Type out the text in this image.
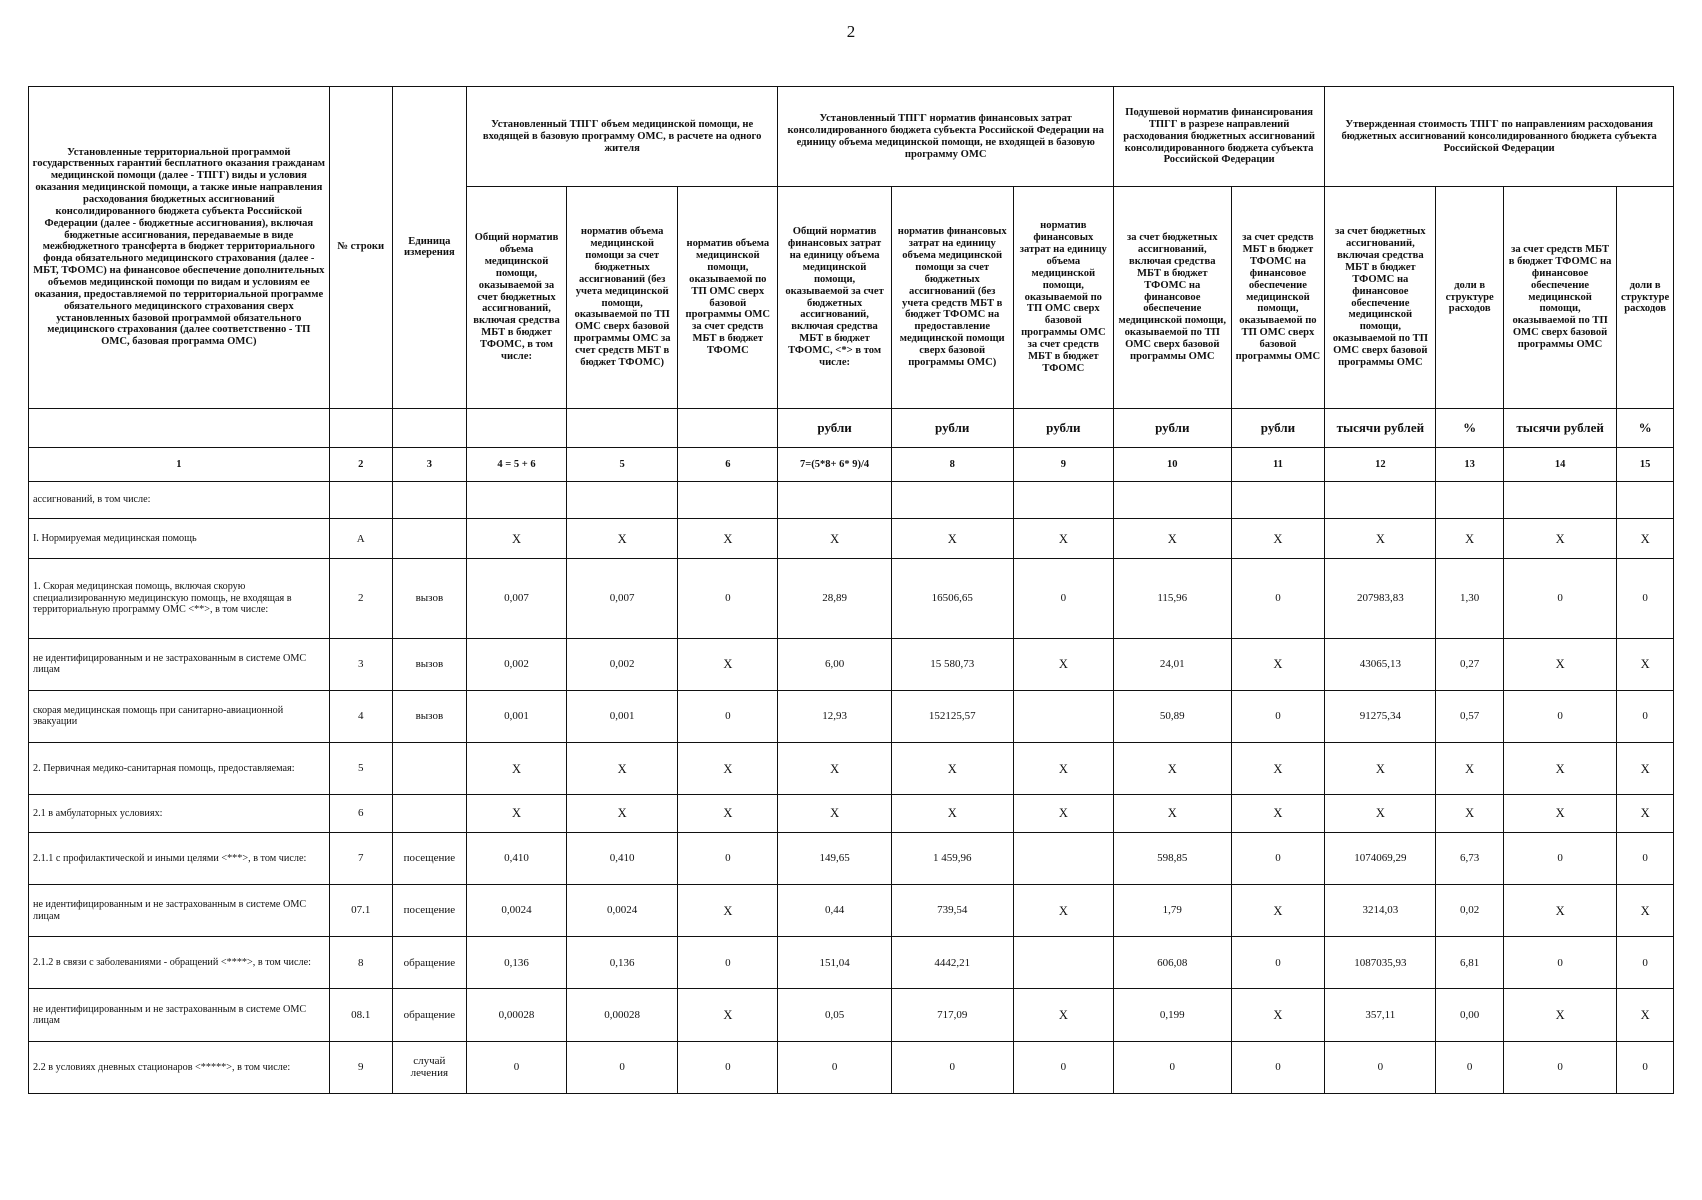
2
Установленные территориальной программой государственных гарантий бесплатного оказания гражданам медицинской помощи (далее - ТПГГ) виды и условия оказания медицинской помощи, а также иные направления расходования бюджетных ассигнований консолидированного бюджета субъекта Российской Федерации (далее - бюджетные ассигнования), включая бюджетные ассигнования, передаваемые в виде межбюджетного трансферта в бюджет территориального фонда обязательного медицинского страхования (далее - МБТ, ТФОМС) на финансовое обеспечение дополнительных объемов медицинской помощи по видам и условиям ее оказания, предоставляемой по территориальной программе обязательного медицинского страхования сверх установленных базовой программой обязательного медицинского страхования (далее соответственно - ТП ОМС, базовая программа ОМС)	№ строки	Единица измерения	Установленный ТПГГ объем медицинской помощи, не входящей в базовую программу ОМС, в расчете на одного жителя			Установленный ТПГГ норматив финансовых затрат консолидированного бюджета субъекта Российской Федерации на единицу объема медицинской помощи, не входящей в базовую программу ОМС			Подушевой норматив финансирования ТПГГ в разрезе направлений расходования бюджетных ассигнований консолидированного бюджета субъекта Российской Федерации		Утвержденная стоимость ТПГГ по направлениям расходования бюджетных ассигнований консолидированного бюджета субъекта Российской Федерации			
			Общий норматив объема медицинской помощи, оказываемой за счет бюджетных ассигнований, включая средства МБТ в бюджет ТФОМС, в том числе:	норматив объема медицинской помощи за счет бюджетных ассигнований (без учета медицинской помощи, оказываемой по ТП ОМС сверх базовой программы ОМС за счет средств МБТ в бюджет ТФОМС)	норматив объема медицинской помощи, оказываемой по ТП ОМС сверх базовой программы ОМС за счет средств МБТ в бюджет ТФОМС	Общий норматив финансовых затрат на единицу объема медицинской помощи, оказываемой за счет бюджетных ассигнований, включая средства МБТ в бюджет ТФОМС, <*> в том числе:	норматив финансовых затрат на единицу объема медицинской помощи за счет бюджетных ассигнований (без учета средств МБТ в бюджет ТФОМС на предоставление медицинской помощи сверх базовой программы ОМС)	норматив финансовых затрат на единицу объема медицинской помощи, оказываемой по ТП ОМС сверх базовой программы ОМС за счет средств МБТ в бюджет ТФОМС	за счет бюджетных ассигнований, включая средства МБТ в бюджет ТФОМС на финансовое обеспечение медицинской помощи, оказываемой по ТП ОМС сверх базовой программы ОМС	за счет средств МБТ в бюджет ТФОМС на финансовое обеспечение медицинской помощи, оказываемой по ТП ОМС сверх базовой программы ОМС	за счет бюджетных ассигнований, включая средства МБТ в бюджет ТФОМС на финансовое обеспечение медицинской помощи, оказываемой по ТП ОМС сверх базовой программы ОМС	доли в структуре расходов	за счет средств МБТ в бюджет ТФОМС на финансовое обеспечение медицинской помощи, оказываемой по ТП ОМС сверх базовой программы ОМС	доли в структуре расходов
						рубли	рубли	рубли	рубли	рубли	тысячи рублей	%	тысячи рублей	%
1	2	3	4 = 5 + 6	5	6	7=(5*8+ 6* 9)/4	8	9	10	11	12	13	14	15
ассигнований, в том числе:														
I. Нормируемая медицинская помощь	А		X	X	X	X	X	X	X	X	X	X	X	X
1. Скорая медицинская помощь, включая скорую специализированную медицинскую помощь, не входящая в территориальную программу ОМС <**>, в том числе:	2	вызов	0,007	0,007	0	28,89	16506,65	0	115,96	0	207983,83	1,30	0	0
не идентифицированным и не застрахованным в системе ОМС лицам	3	вызов	0,002	0,002	X	6,00	15 580,73	X	24,01	X	43065,13	0,27	X	X
скорая медицинская помощь при санитарно-авиационной эвакуации	4	вызов	0,001	0,001	0	12,93	152125,57		50,89	0	91275,34	0,57	0	0
2. Первичная медико-санитарная помощь, предоставляемая:	5		X	X	X	X	X	X	X	X	X	X	X	X
2.1 в амбулаторных условиях:	6		X	X	X	X	X	X	X	X	X	X	X	X
2.1.1 с профилактической и иными целями <***>, в том числе:	7	посещение	0,410	0,410	0	149,65	1 459,96		598,85	0	1074069,29	6,73	0	0
не идентифицированным и не застрахованным в системе ОМС лицам	07.1	посещение	0,0024	0,0024	X	0,44	739,54	X	1,79	X	3214,03	0,02	X	X
2.1.2 в связи с заболеваниями - обращений <****>, в том числе:	8	обращение	0,136	0,136	0	151,04	4442,21		606,08	0	1087035,93	6,81	0	0
не идентифицированным и не застрахованным в системе ОМС лицам	08.1	обращение	0,00028	0,00028	X	0,05	717,09	X	0,199	X	357,11	0,00	X	X
2.2 в условиях дневных стационаров <*****>, в том числе:	9	случай лечения	0	0	0	0	0	0	0	0	0	0	0	0
